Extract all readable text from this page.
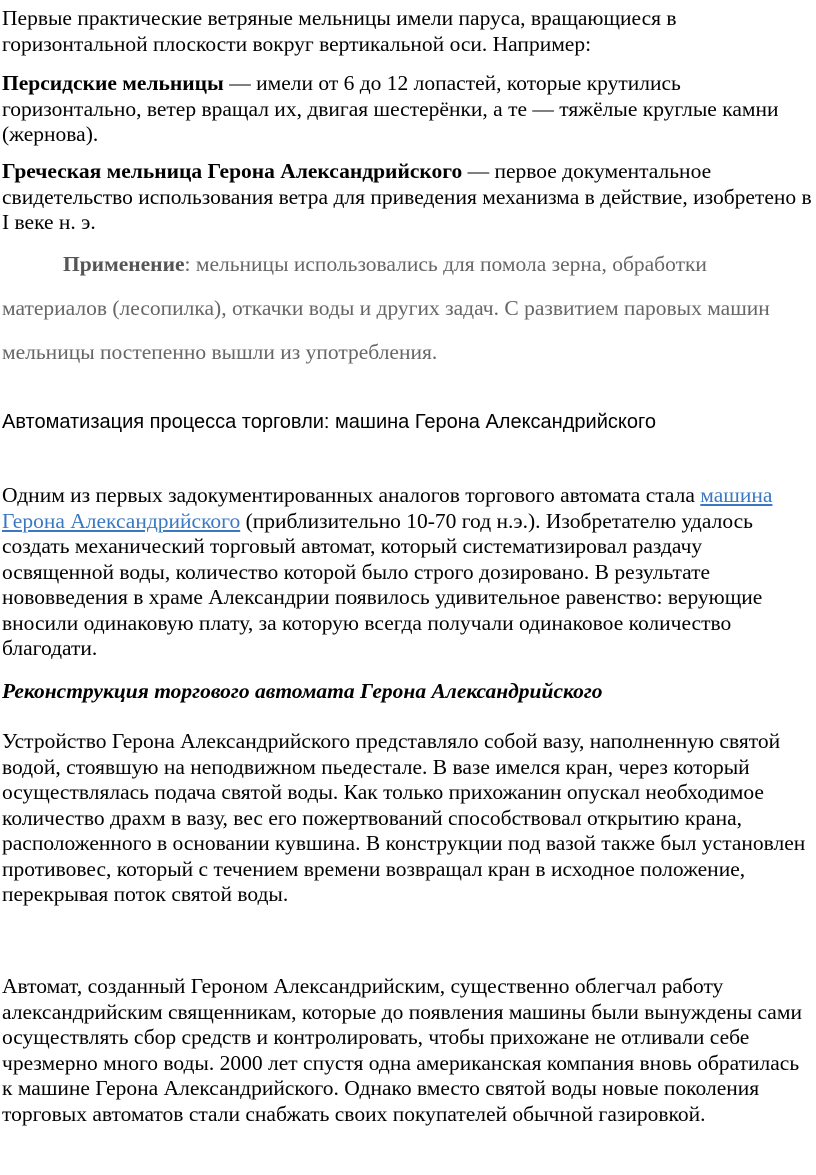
Первые практические ветряные мельницы имели паруса, вращающиеся в горизонтальной плоскости вокруг вертикальной оси. Например:

Персидские мельницы — имели от 6 до 12 лопастей, которые крутились горизонтально, ветер вращал их, двигая шестерёнки, а те — тяжёлые круглые камни (жернова).

Греческая мельница Герона Александрийского — первое документальное свидетельство использования ветра для приведения механизма в действие, изобретено в I веке н. э.

Применение: мельницы использовались для помола зерна, обработки материалов (лесопилка), откачки воды и других задач. С развитием паровых машин мельницы постепенно вышли из употребления.

Автоматизация процесса торговли: машина Герона Александрийского

Одним из первых задокументированных аналогов торгового автомата стала машина Герона Александрийского (приблизительно 10-70 год н.э.). Изобретателю удалось создать механический торговый автомат, который систематизировал раздачу освященной воды, количество которой было строго дозировано. В результате нововведения в храме Александрии появилось удивительное равенство: верующие вносили одинаковую плату, за которую всегда получали одинаковое количество благодати.

Реконструкция торгового автомата Герона Александрийского

Устройство Герона Александрийского представляло собой вазу, наполненную святой водой, стоявшую на неподвижном пьедестале. В вазе имелся кран, через который осуществлялась подача святой воды. Как только прихожанин опускал необходимое количество драхм в вазу, вес его пожертвований способствовал открытию крана, расположенного в основании кувшина. В конструкции под вазой также был установлен противовес, который с течением времени возвращал кран в исходное положение, перекрывая поток святой воды.

Автомат, созданный Героном Александрийским, существенно облегчал работу александрийским священникам, которые до появления машины были вынуждены сами осуществлять сбор средств и контролировать, чтобы прихожане не отливали себе чрезмерно много воды. 2000 лет спустя одна американская компания вновь обратилась к машине Герона Александрийского. Однако вместо святой воды новые поколения торговых автоматов стали снабжать своих покупателей обычной газировкой.
